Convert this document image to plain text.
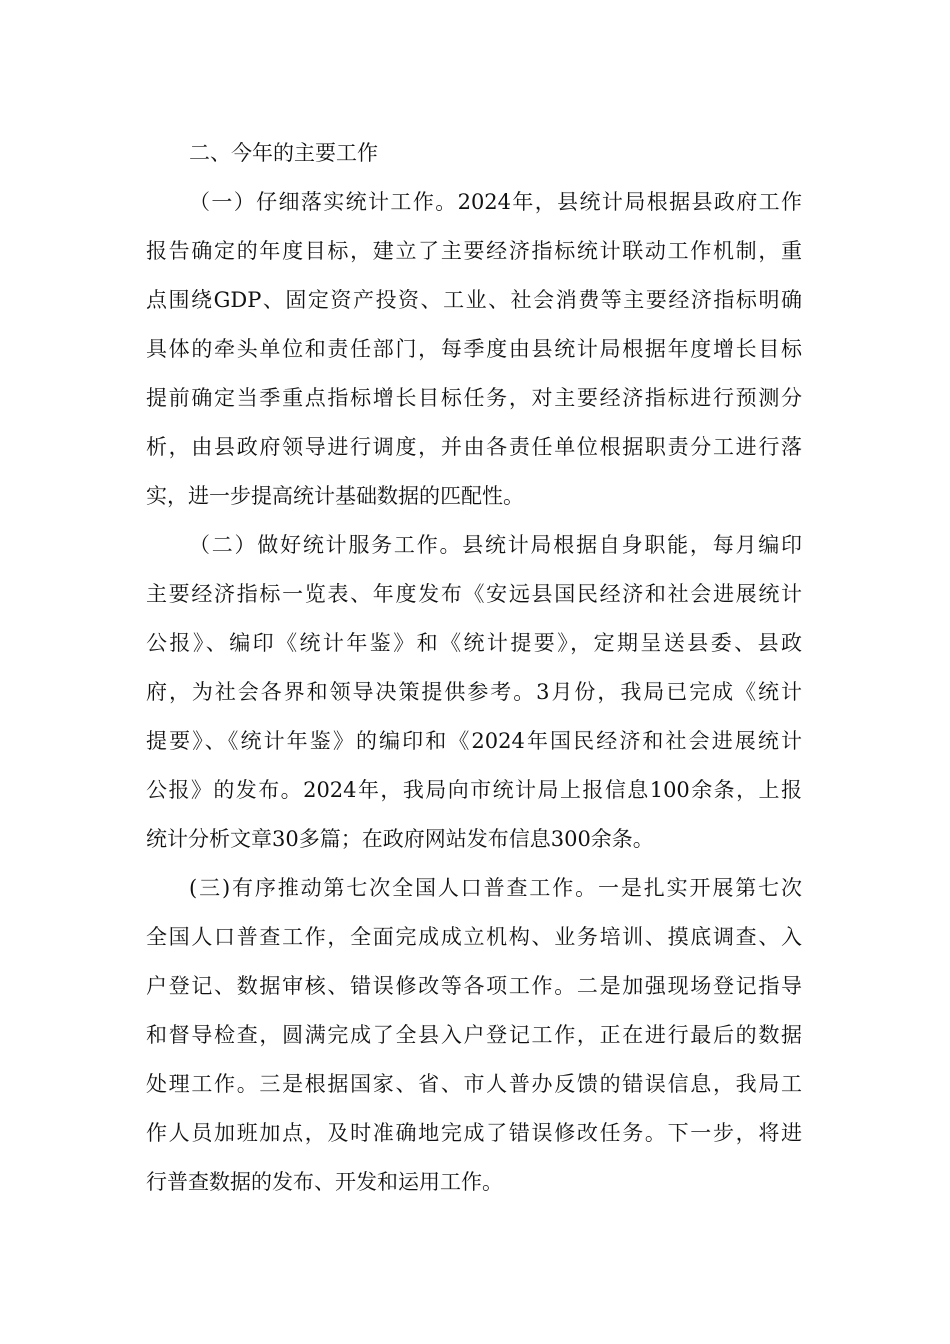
二、今年的主要工作
（一）仔细落实统计工作。2024年，县统计局根据县政府工作
报告确定的年度目标，建立了主要经济指标统计联动工作机制，重
点围绕GDP、固定资产投资、工业、社会消费等主要经济指标明确
具体的牵头单位和责任部门，每季度由县统计局根据年度增长目标
提前确定当季重点指标增长目标任务，对主要经济指标进行预测分
析，由县政府领导进行调度，并由各责任单位根据职责分工进行落
实，进一步提高统计基础数据的匹配性。
（二）做好统计服务工作。县统计局根据自身职能，每月编印
主要经济指标一览表、年度发布《安远县国民经济和社会进展统计
公报》、编印《统计年鉴》和《统计提要》，定期呈送县委、县政
府，为社会各界和领导决策提供参考。3月份，我局已完成《统计
提要》、《统计年鉴》的编印和《2024年国民经济和社会进展统计
公报》的发布。2024年，我局向市统计局上报信息100余条，上报
统计分析文章30多篇；在政府网站发布信息300余条。
(三)有序推动第七次全国人口普查工作。一是扎实开展第七次
全国人口普查工作，全面完成成立机构、业务培训、摸底调查、入
户登记、数据审核、错误修改等各项工作。二是加强现场登记指导
和督导检查，圆满完成了全县入户登记工作，正在进行最后的数据
处理工作。三是根据国家、省、市人普办反馈的错误信息，我局工
作人员加班加点，及时准确地完成了错误修改任务。下一步，将进
行普查数据的发布、开发和运用工作。
